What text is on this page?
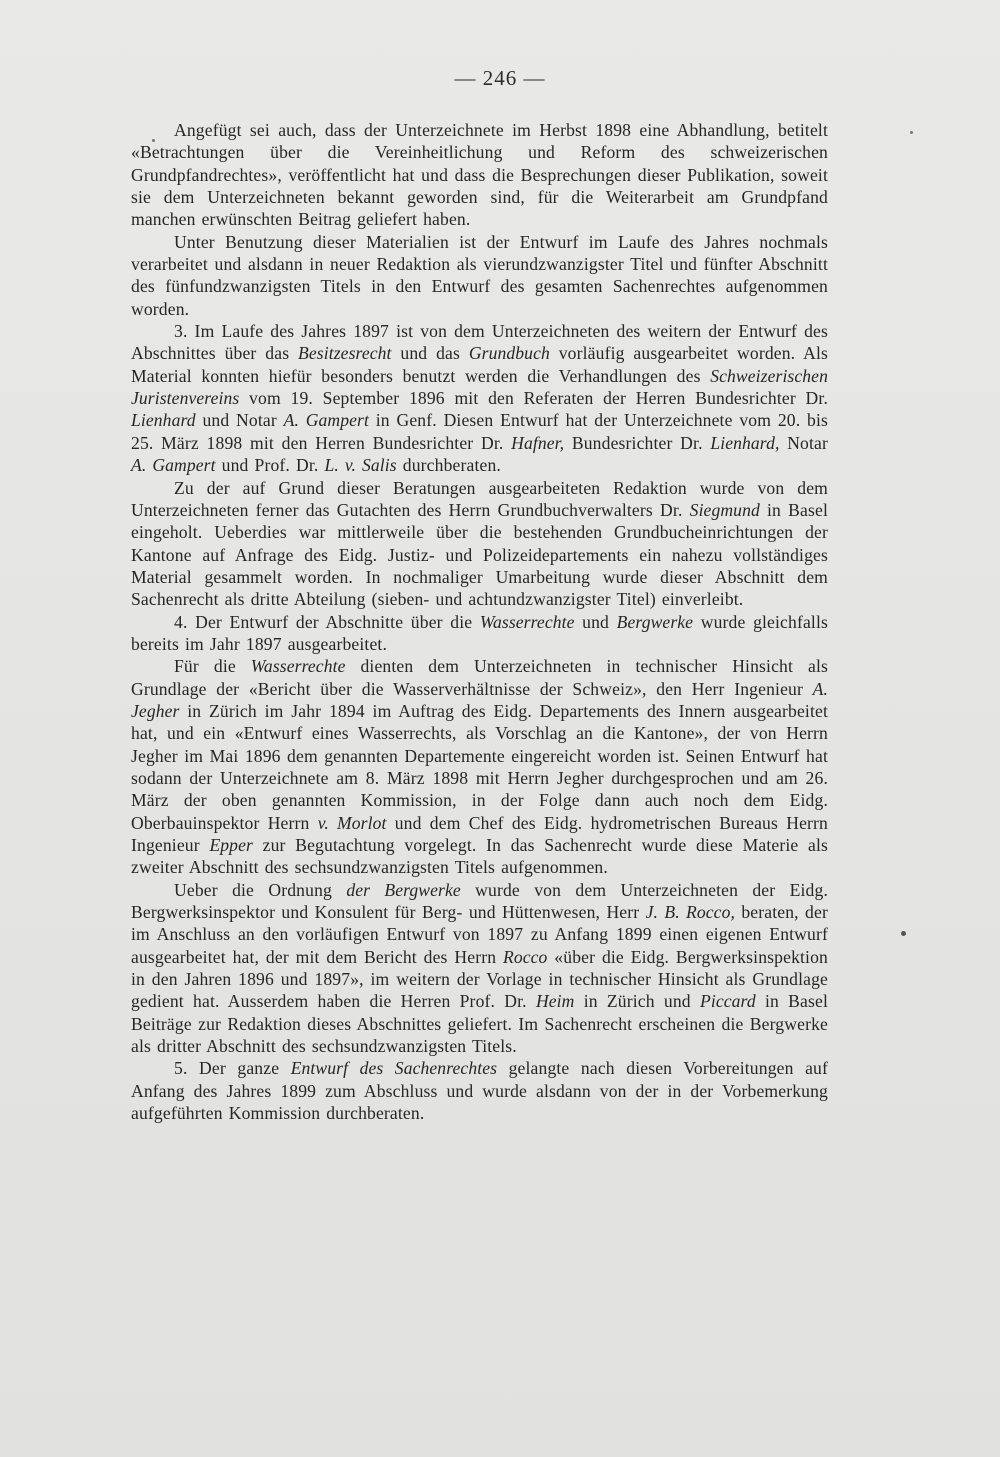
— 246 —

Angefügt sei auch, dass der Unterzeichnete im Herbst 1898 eine Abhandlung, betitelt «Betrachtungen über die Vereinheitlichung und Reform des schweizerischen Grundpfandrechtes», veröffentlicht hat und dass die Besprechungen dieser Publikation, soweit sie dem Unterzeichneten bekannt geworden sind, für die Weiterarbeit am Grundpfand manchen erwünschten Beitrag geliefert haben.

Unter Benutzung dieser Materialien ist der Entwurf im Laufe des Jahres nochmals verarbeitet und alsdann in neuer Redaktion als vierundzwanzigster Titel und fünfter Abschnitt des fünfundzwanzigsten Titels in den Entwurf des gesamten Sachenrechtes aufgenommen worden.

3. Im Laufe des Jahres 1897 ist von dem Unterzeichneten des weitern der Entwurf des Abschnittes über das Besitzesrecht und das Grundbuch vorläufig ausgearbeitet worden. Als Material konnten hiefür besonders benutzt werden die Verhandlungen des Schweizerischen Juristenvereins vom 19. September 1896 mit den Referaten der Herren Bundesrichter Dr. Lienhard und Notar A. Gampert in Genf. Diesen Entwurf hat der Unterzeichnete vom 20. bis 25. März 1898 mit den Herren Bundesrichter Dr. Hafner, Bundesrichter Dr. Lienhard, Notar A. Gampert und Prof. Dr. L. v. Salis durchberaten.

Zu der auf Grund dieser Beratungen ausgearbeiteten Redaktion wurde von dem Unterzeichneten ferner das Gutachten des Herrn Grundbuchverwalters Dr. Siegmund in Basel eingeholt. Ueberdies war mittlerweile über die bestehenden Grundbucheinrichtungen der Kantone auf Anfrage des Eidg. Justiz- und Polizeidepartements ein nahezu vollständiges Material gesammelt worden. In nochmaliger Umarbeitung wurde dieser Abschnitt dem Sachenrecht als dritte Abteilung (sieben- und achtundzwanzigster Titel) einverleibt.

4. Der Entwurf der Abschnitte über die Wasserrechte und Bergwerke wurde gleichfalls bereits im Jahr 1897 ausgearbeitet.

Für die Wasserrechte dienten dem Unterzeichneten in technischer Hinsicht als Grundlage der «Bericht über die Wasserverhältnisse der Schweiz», den Herr Ingenieur A. Jegher in Zürich im Jahr 1894 im Auftrag des Eidg. Departements des Innern ausgearbeitet hat, und ein «Entwurf eines Wasserrechts, als Vorschlag an die Kantone», der von Herrn Jegher im Mai 1896 dem genannten Departemente eingereicht worden ist. Seinen Entwurf hat sodann der Unterzeichnete am 8. März 1898 mit Herrn Jegher durchgesprochen und am 26. März der oben genannten Kommission, in der Folge dann auch noch dem Eidg. Oberbauinspektor Herrn v. Morlot und dem Chef des Eidg. hydrometrischen Bureaus Herrn Ingenieur Epper zur Begutachtung vorgelegt. In das Sachenrecht wurde diese Materie als zweiter Abschnitt des sechsundzwanzigsten Titels aufgenommen.

Ueber die Ordnung der Bergwerke wurde von dem Unterzeichneten der Eidg. Bergwerksinspektor und Konsulent für Berg- und Hüttenwesen, Herr J. B. Rocco, beraten, der im Anschluss an den vorläufigen Entwurf von 1897 zu Anfang 1899 einen eigenen Entwurf ausgearbeitet hat, der mit dem Bericht des Herrn Rocco «über die Eidg. Bergwerksinspektion in den Jahren 1896 und 1897», im weitern der Vorlage in technischer Hinsicht als Grundlage gedient hat. Ausserdem haben die Herren Prof. Dr. Heim in Zürich und Piccard in Basel Beiträge zur Redaktion dieses Abschnittes geliefert. Im Sachenrecht erscheinen die Bergwerke als dritter Abschnitt des sechsundzwanzigsten Titels.

5. Der ganze Entwurf des Sachenrechtes gelangte nach diesen Vorbereitungen auf Anfang des Jahres 1899 zum Abschluss und wurde alsdann von der in der Vorbemerkung aufgeführten Kommission durchberaten.
